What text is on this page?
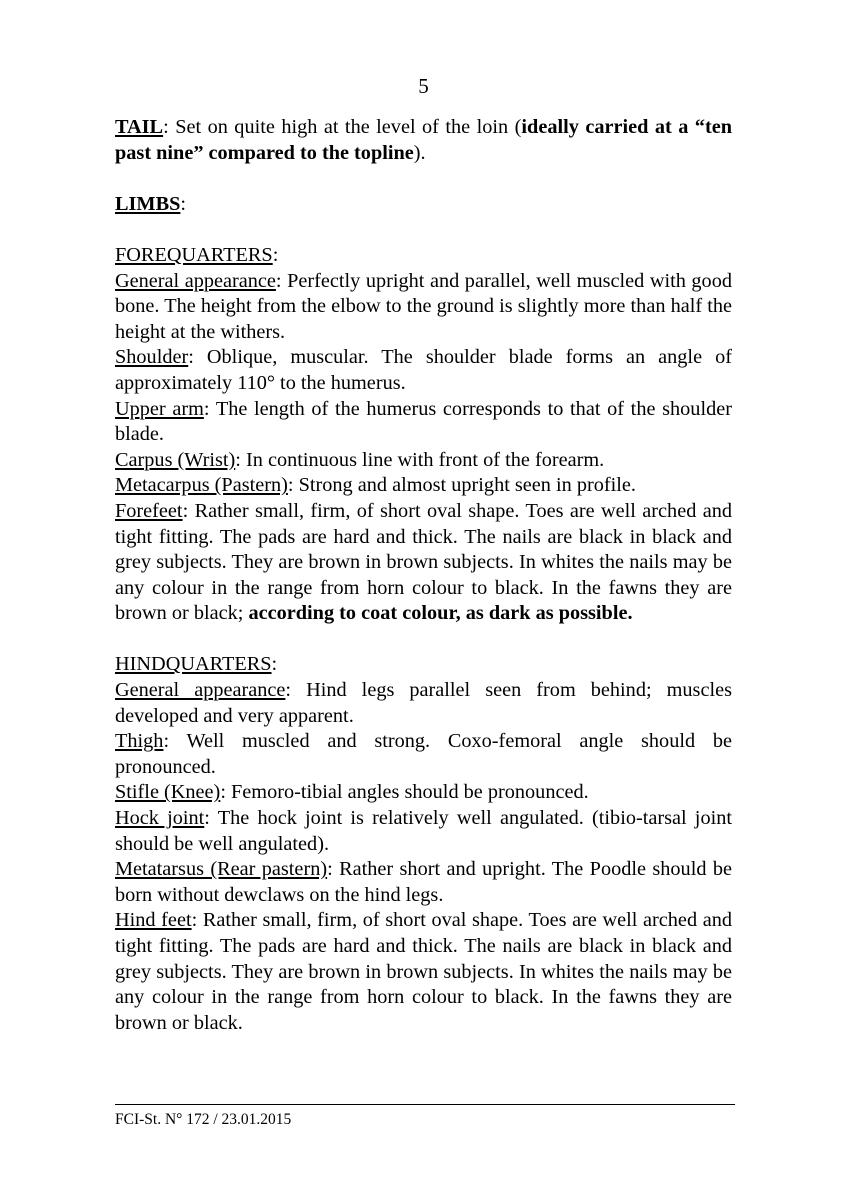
5

TAIL: Set on quite high at the level of the loin (ideally carried at a “ten past nine” compared to the topline).

LIMBS:

FOREQUARTERS:

General appearance: Perfectly upright and parallel, well muscled with good bone. The height from the elbow to the ground is slightly more than half the height at the withers.

Shoulder: Oblique, muscular. The shoulder blade forms an angle of approximately 110° to the humerus.

Upper arm: The length of the humerus corresponds to that of the shoulder blade.

Carpus (Wrist): In continuous line with front of the forearm.

Metacarpus (Pastern): Strong and almost upright seen in profile.

Forefeet: Rather small, firm, of short oval shape. Toes are well arched and tight fitting. The pads are hard and thick. The nails are black in black and grey subjects. They are brown in brown subjects. In whites the nails may be any colour in the range from horn colour to black. In the fawns they are brown or black; according to coat colour, as dark as possible.

HINDQUARTERS:

General appearance: Hind legs parallel seen from behind; muscles developed and very apparent.

Thigh: Well muscled and strong. Coxo-femoral angle should be pronounced.

Stifle (Knee): Femoro-tibial angles should be pronounced.

Hock joint: The hock joint is relatively well angulated. (tibio-tarsal joint should be well angulated).

Metatarsus (Rear pastern): Rather short and upright. The Poodle should be born without dewclaws on the hind legs.

Hind feet: Rather small, firm, of short oval shape. Toes are well arched and tight fitting. The pads are hard and thick. The nails are black in black and grey subjects. They are brown in brown subjects. In whites the nails may be any colour in the range from horn colour to black. In the fawns they are brown or black.

FCI-St. N° 172 / 23.01.2015
